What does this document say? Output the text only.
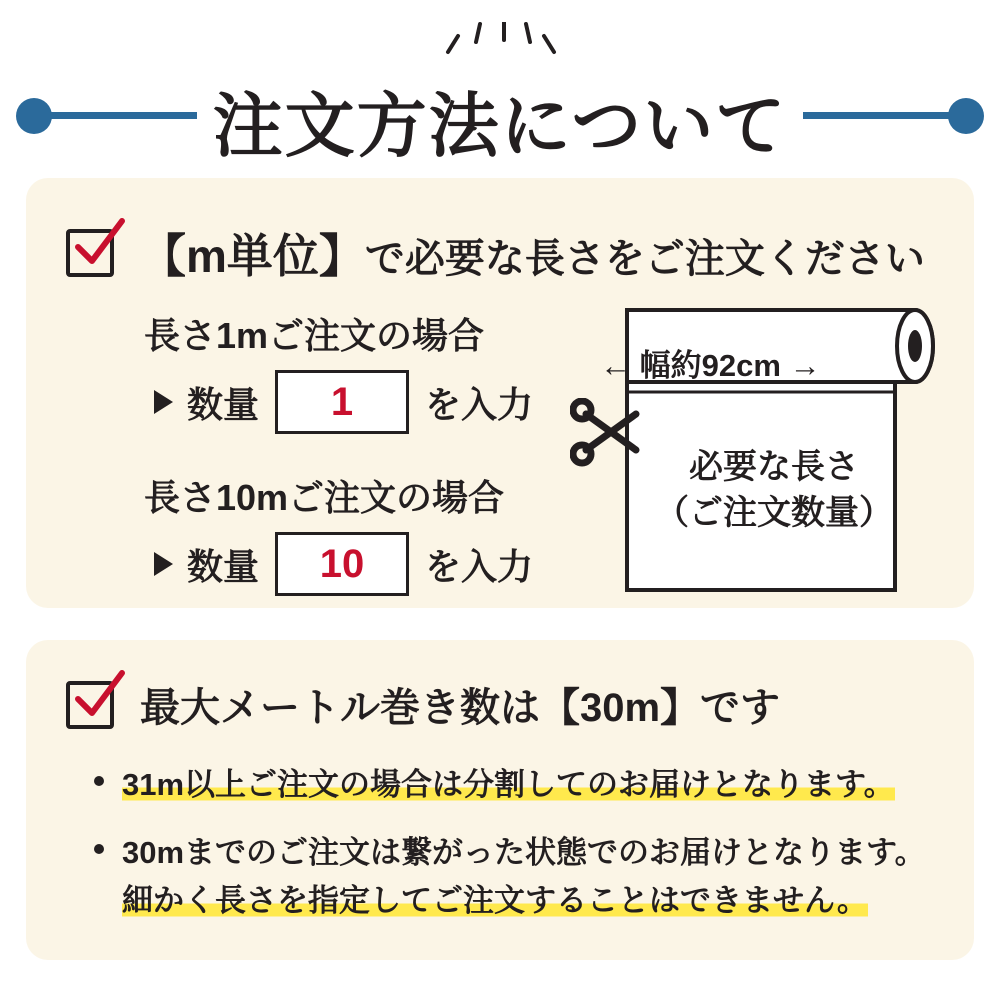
注文方法について
【m単位】で必要な長さをご注文ください
長さ1mご注文の場合
数量	1	を入力
長さ10mご注文の場合
数量	10	を入力
← 幅約92cm →
必要な長さ
（ご注文数量）
最大メートル巻き数は【30m】です
31m以上ご注文の場合は分割してのお届けとなります。
30mまでのご注文は繋がった状態でのお届けとなります。
細かく長さを指定してご注文することはできません。
